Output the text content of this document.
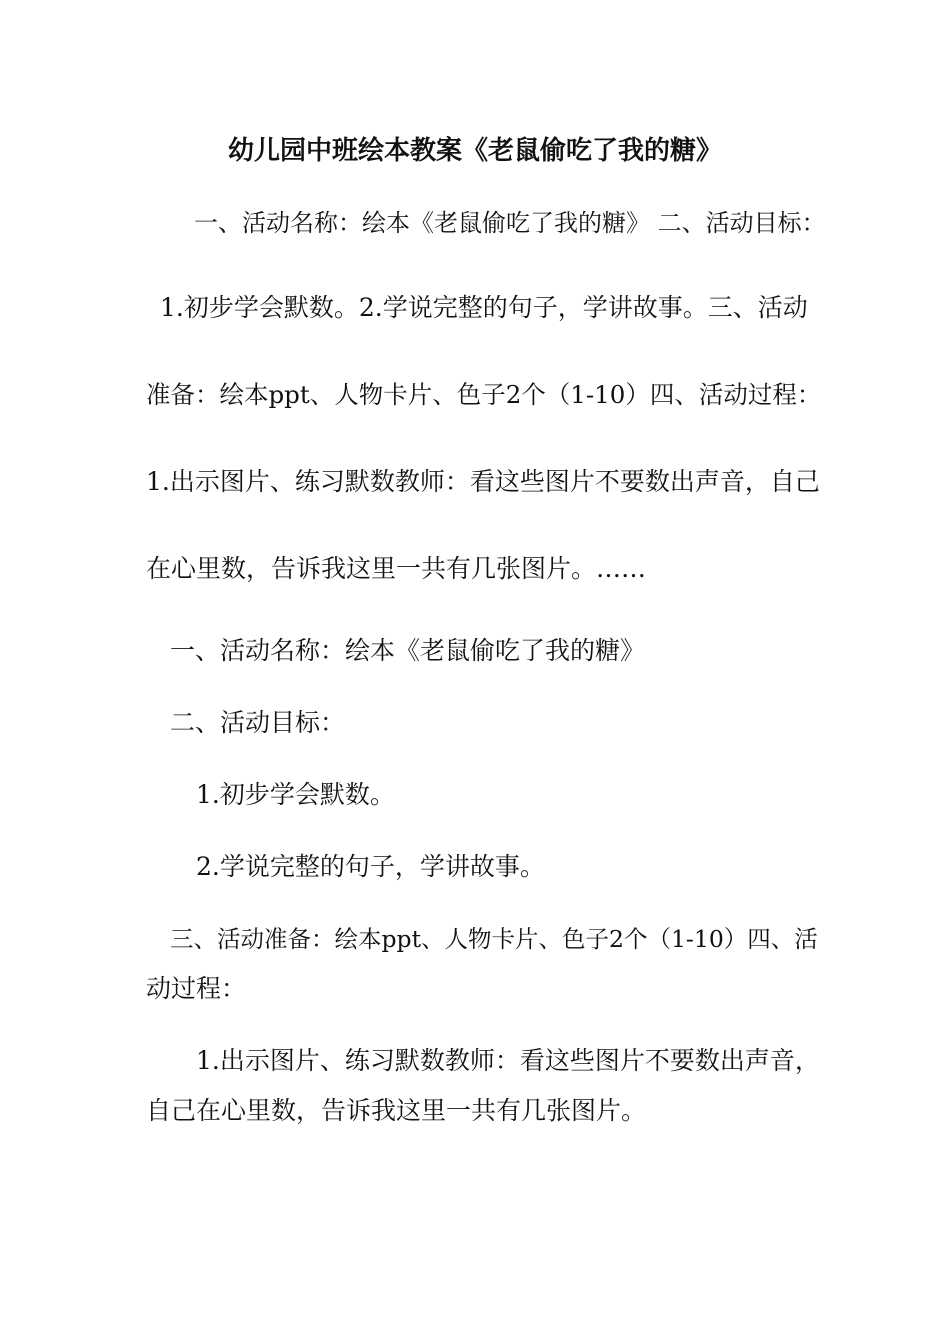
幼儿园中班绘本教案《老鼠偷吃了我的糖》
一、活动名称：绘本《老鼠偷吃了我的糖》 二、活动目标：
1.初步学会默数。2.学说完整的句子，学讲故事。三、活动
准备：绘本ppt、人物卡片、色子2个（1-10）四、活动过程：
1.出示图片、练习默数教师：看这些图片不要数出声音，自己
在心里数，告诉我这里一共有几张图片。……
一、活动名称：绘本《老鼠偷吃了我的糖》
二、活动目标：
1.初步学会默数。
2.学说完整的句子，学讲故事。
三、活动准备：绘本ppt、人物卡片、色子2个（1-10）四、活
动过程：
1.出示图片、练习默数教师：看这些图片不要数出声音，
自己在心里数，告诉我这里一共有几张图片。
